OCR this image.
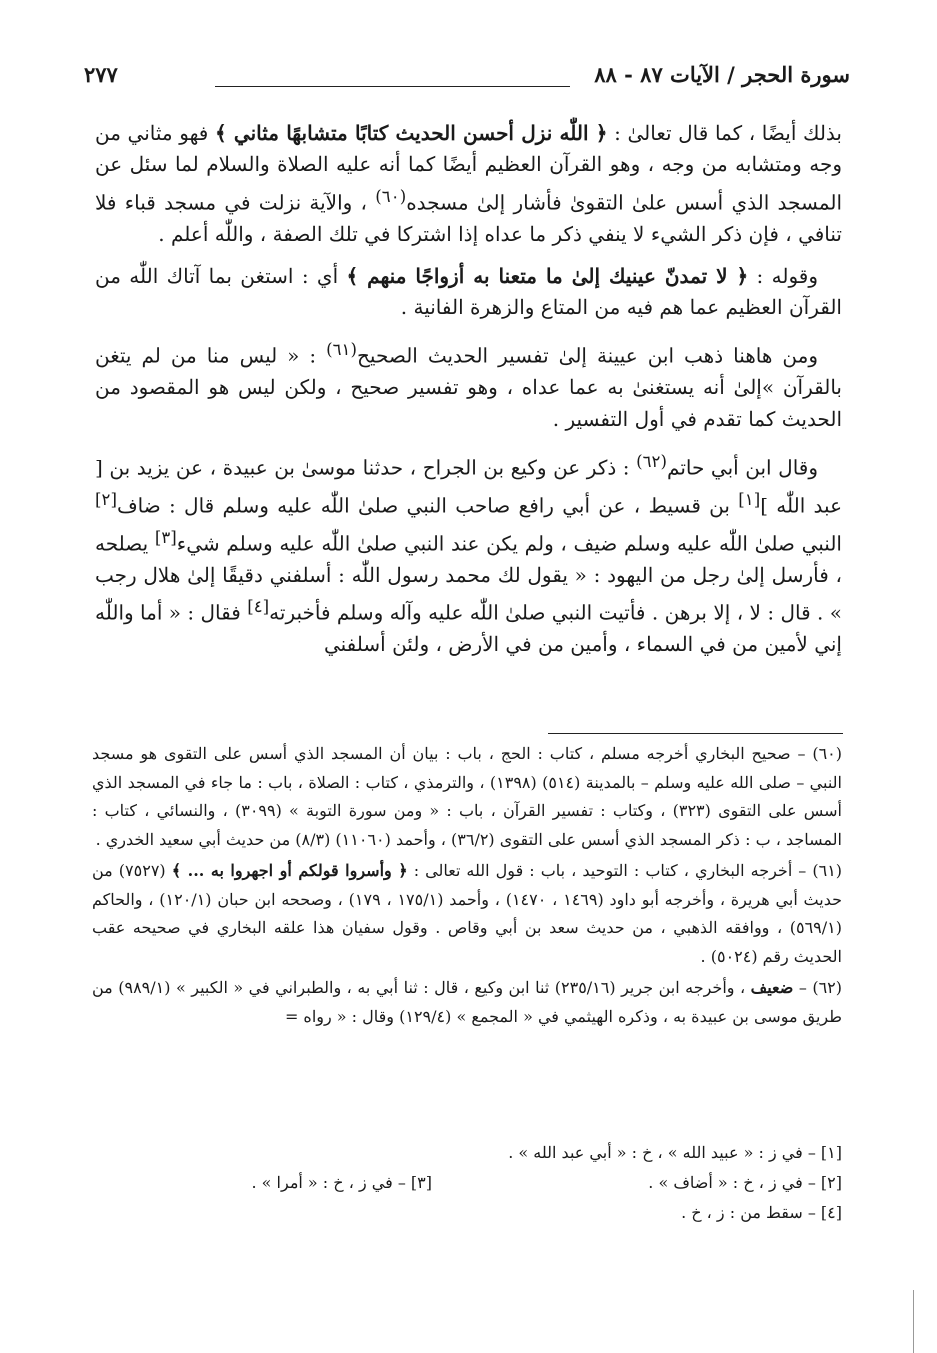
سورة الحجر / الآيات ٨٧ - ٨٨
٢٧٧

بذلك أيضًا ، كما قال تعالىٰ : ﴿ اللّٰه نزل أحسن الحديث كتابًا متشابهًا مثاني ﴾ فهو مثاني من وجه ومتشابه من وجه ، وهو القرآن العظيم أيضًا كما أنه عليه الصلاة والسلام لما سئل عن المسجد الذي أسس علىٰ التقوىٰ فأشار إلىٰ مسجده$^{(٦٠)}$ ، والآية نزلت في مسجد قباء فلا تنافي ، فإن ذكر الشيء لا ينفي ذكر ما عداه إذا اشتركا في تلك الصفة ، واللّٰه أعلم .

وقوله : ﴿ لا تمدنّ عينيك إلىٰ ما متعنا به أزواجًا منهم ﴾ أي : استغن بما آتاك اللّٰه من القرآن العظيم عما هم فيه من المتاع والزهرة الفانية .

ومن هاهنا ذهب ابن عيينة إلىٰ تفسير الحديث الصحيح$^{(٦١)}$ : « ليس منا من لم يتغن بالقرآن »إلىٰ أنه يستغنىٰ به عما عداه ، وهو تفسير صحيح ، ولكن ليس هو المقصود من الحديث كما تقدم في أول التفسير .

وقال ابن أبي حاتم$^{(٦٢)}$ : ذكر عن وكيع بن الجراح ، حدثنا موسىٰ بن عبيدة ، عن يزيد بن [ عبد اللّٰه ][١] بن قسيط ، عن أبي رافع صاحب النبي صلىٰ اللّٰه عليه وسلم قال : ضاف[٢] النبي صلىٰ اللّٰه عليه وسلم ضيف ، ولم يكن عند النبي صلىٰ اللّٰه عليه وسلم شيء[٣] يصلحه ، فأرسل إلىٰ رجل من اليهود : « يقول لك محمد رسول اللّٰه : أسلفني دقيقًا إلىٰ هلال رجب » . قال : لا ، إلا برهن . فأتيت النبي صلىٰ اللّٰه عليه وآله وسلم فأخبرته[٤] فقال : « أما واللّٰه إني لأمين من في السماء ، وأمين من في الأرض ، ولئن أسلفني

(٦٠) – صحيح البخاري أخرجه مسلم ، كتاب : الحج ، باب : بيان أن المسجد الذي أسس على التقوى هو مسجد النبي – صلى الله عليه وسلم – بالمدينة (٥١٤) (١٣٩٨) ، والترمذي ، كتاب : الصلاة ، باب : ما جاء في المسجد الذي أسس على التقوى (٣٢٣) ، وكتاب : تفسير القرآن ، باب : « ومن سورة التوبة » (٣٠٩٩) ، والنسائي ، كتاب : المساجد ، ب : ذكر المسجد الذي أسس على التقوى (٣٦/٢) ، وأحمد (١١٠٦٠) (٨/٣) من حديث أبي سعيد الخدري .

(٦١) – أخرجه البخاري ، كتاب : التوحيد ، باب : قول الله تعالى : ﴿ وأسروا قولكم أو اجهروا به ... ﴾ (٧٥٢٧) من حديث أبي هريرة ، وأخرجه أبو داود (١٤٦٩ ، ١٤٧٠) ، وأحمد (١٧٥/١ ، ١٧٩) ، وصححه ابن حبان (١٢٠/١) ، والحاكم (٥٦٩/١) ، ووافقه الذهبي ، من حديث سعد بن أبي وقاص . وقول سفيان هذا علقه البخاري في صحيحه عقب الحديث رقم (٥٠٢٤) .

(٦٢) – ضعيف ، وأخرجه ابن جرير (٢٣٥/١٦) ثنا ابن وكيع ، قال : ثنا أبي به ، والطبراني في « الكبير » (٩٨٩/١) من طريق موسى بن عبيدة به ، وذكره الهيثمي في « المجمع » (١٢٩/٤) وقال : « رواه =

[١] – في ز : « عبيد الله » ، خ : « أبي عبد الله » .
[٢] – في ز ، خ : « أضاف » .
[٣] – في ز ، خ : « أمرا » .
[٤] – سقط من : ز ، خ .
